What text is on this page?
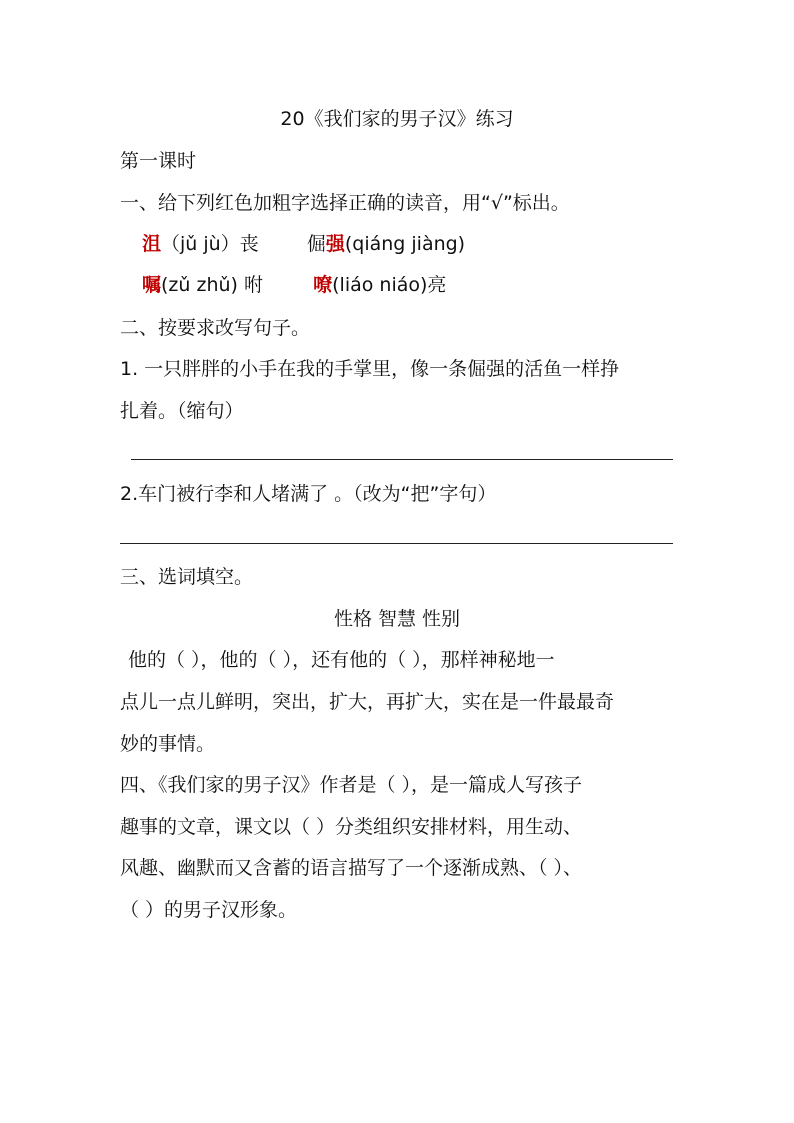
20《我们家的男子汉》练习
第一课时
一、给下列红色加粗字选择正确的读音，用“√”标出。
沮（jǔ jù）丧	倔强(qiáng jiàng)
嘱(zǔ zhǔ) 咐	嘹(liáo niáo)亮
二、按要求改写句子。
1. 一只胖胖的小手在我的手掌里，像一条倔强的活鱼一样挣
扎着。（缩句）
2.车门被行李和人堵满了 。（改为“把”字句）
三、选词填空。
性格 智慧 性别
他的（ ），他的（ ），还有他的（ ），那样神秘地一
点儿一点儿鲜明，突出，扩大，再扩大，实在是一件最最奇
妙的事情。
四、《我们家的男子汉》作者是（ ），是一篇成人写孩子
趣事的文章，课文以（ ）分类组织安排材料，用生动、
风趣、幽默而又含蓄的语言描写了一个逐渐成熟、（ ）、
（ ）的男子汉形象。
